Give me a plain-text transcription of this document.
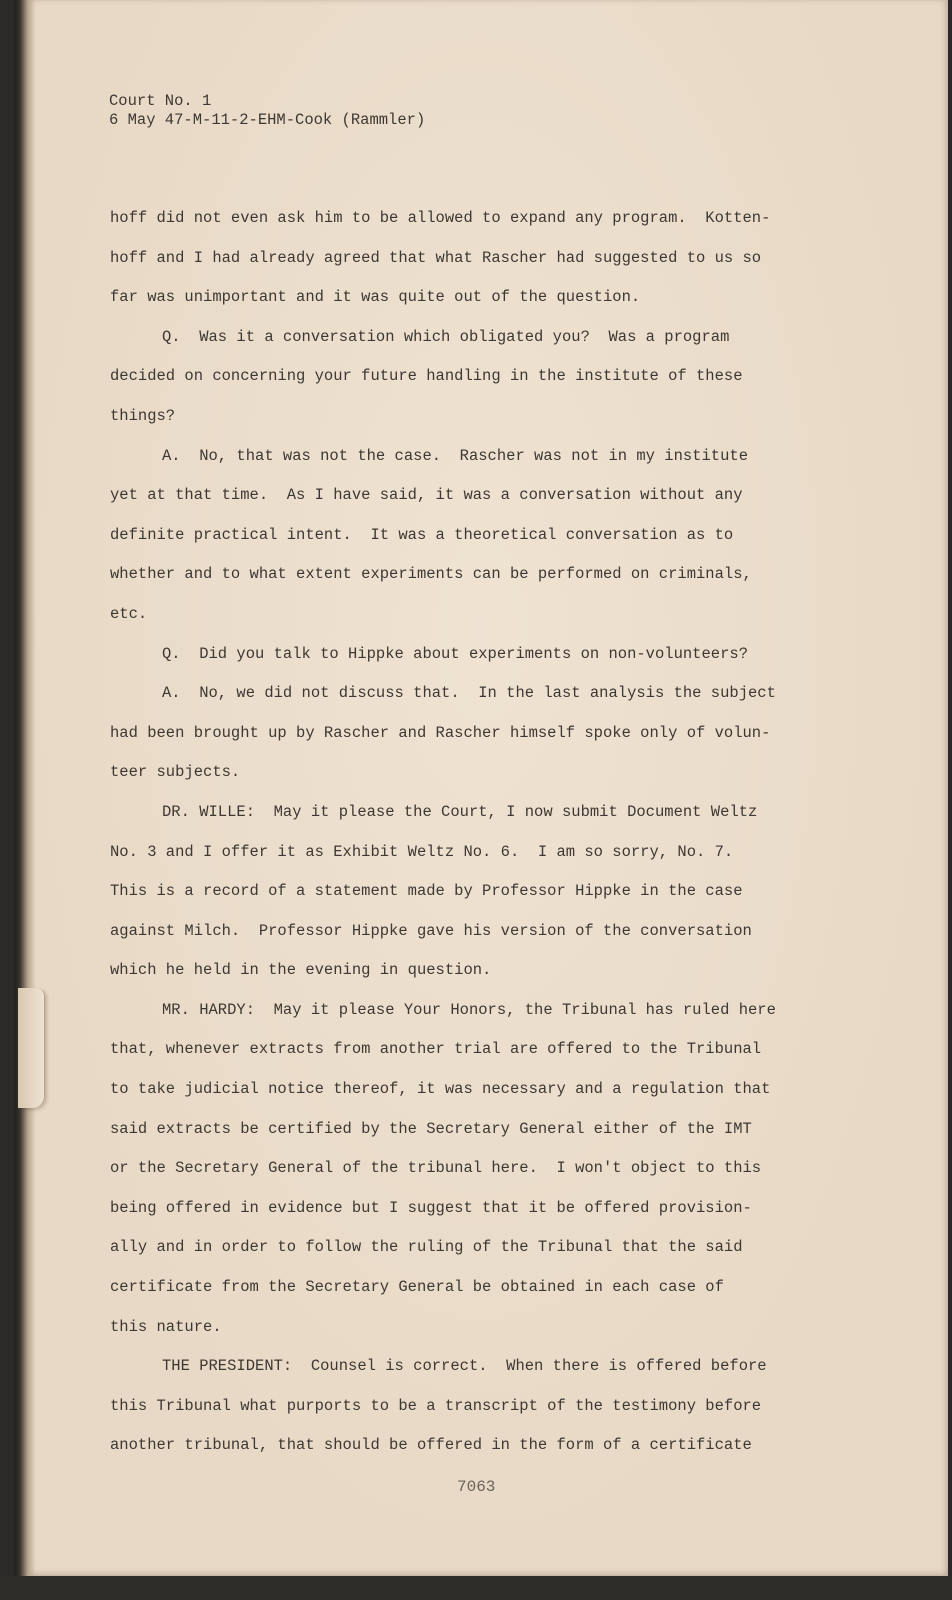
Court No. 1
6 May 47-M-11-2-EHM-Cook (Rammler)
hoff did not even ask him to be allowed to expand any program.  Kotten-
hoff and I had already agreed that what Rascher had suggested to us so
far was unimportant and it was quite out of the question.
Q.  Was it a conversation which obligated you?  Was a program
decided on concerning your future handling in the institute of these
things?
A.  No, that was not the case.  Rascher was not in my institute
yet at that time.  As I have said, it was a conversation without any
definite practical intent.  It was a theoretical conversation as to
whether and to what extent experiments can be performed on criminals,
etc.
Q.  Did you talk to Hippke about experiments on non-volunteers?
A.  No, we did not discuss that.  In the last analysis the subject
had been brought up by Rascher and Rascher himself spoke only of volun-
teer subjects.
DR. WILLE:  May it please the Court, I now submit Document Weltz
No. 3 and I offer it as Exhibit Weltz No. 6.  I am so sorry, No. 7.
This is a record of a statement made by Professor Hippke in the case
against Milch.  Professor Hippke gave his version of the conversation
which he held in the evening in question.
MR. HARDY:  May it please Your Honors, the Tribunal has ruled here
that, whenever extracts from another trial are offered to the Tribunal
to take judicial notice thereof, it was necessary and a regulation that
said extracts be certified by the Secretary General either of the IMT
or the Secretary General of the tribunal here.  I won't object to this
being offered in evidence but I suggest that it be offered provision-
ally and in order to follow the ruling of the Tribunal that the said
certificate from the Secretary General be obtained in each case of
this nature.
THE PRESIDENT:  Counsel is correct.  When there is offered before
this Tribunal what purports to be a transcript of the testimony before
another tribunal, that should be offered in the form of a certificate
7063
